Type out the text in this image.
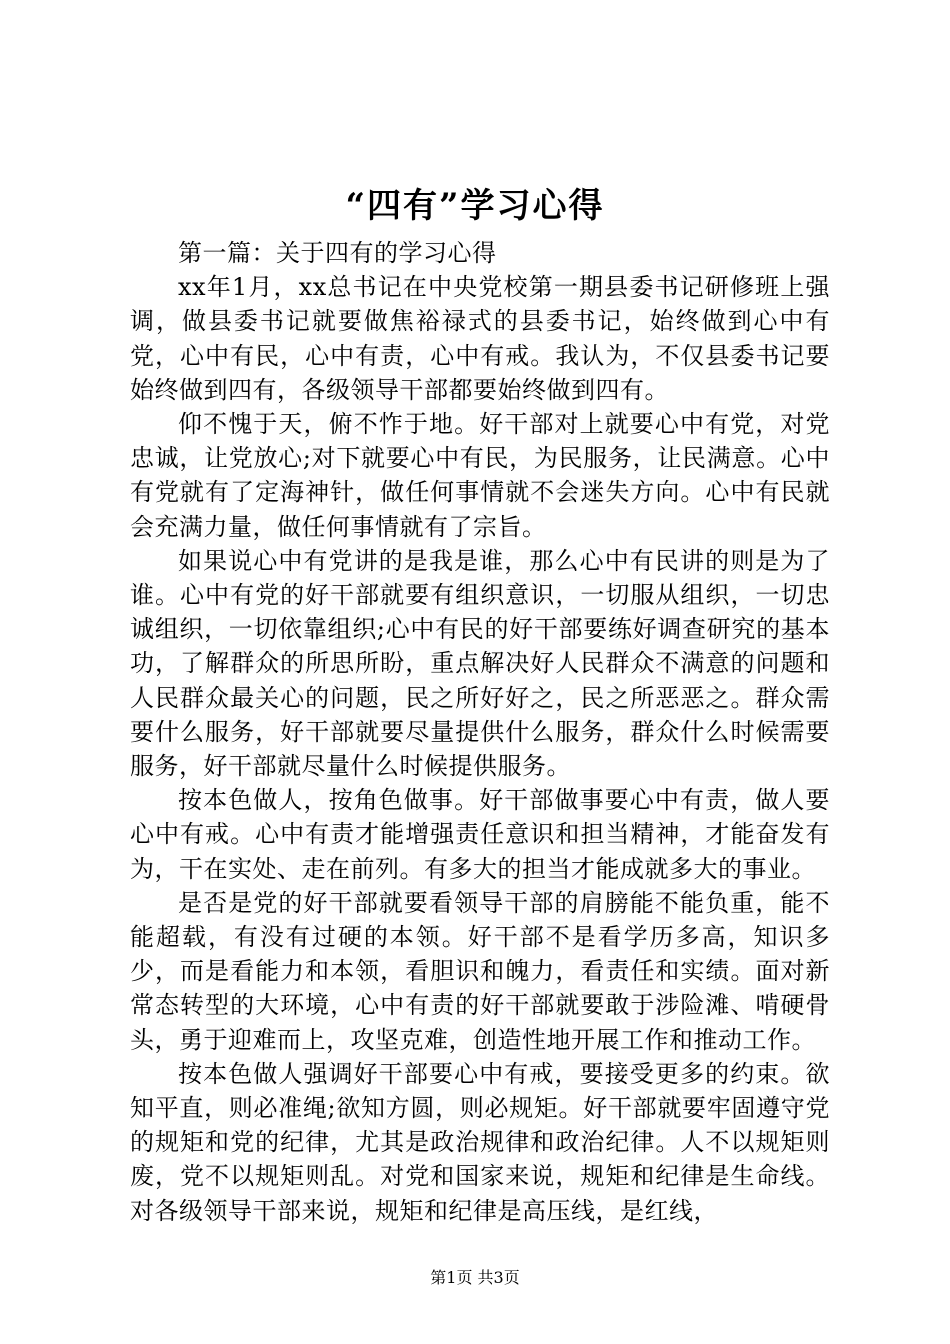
“四有”学习心得

第一篇：关于四有的学习心得

xx年1月，xx总书记在中央党校第一期县委书记研修班上强调，做县委书记就要做焦裕禄式的县委书记，始终做到心中有党，心中有民，心中有责，心中有戒。我认为，不仅县委书记要始终做到四有，各级领导干部都要始终做到四有。

仰不愧于天，俯不怍于地。好干部对上就要心中有党，对党忠诚，让党放心;对下就要心中有民，为民服务，让民满意。心中有党就有了定海神针，做任何事情就不会迷失方向。心中有民就会充满力量，做任何事情就有了宗旨。

如果说心中有党讲的是我是谁，那么心中有民讲的则是为了谁。心中有党的好干部就要有组织意识，一切服从组织，一切忠诚组织，一切依靠组织;心中有民的好干部要练好调查研究的基本功，了解群众的所思所盼，重点解决好人民群众不满意的问题和人民群众最关心的问题，民之所好好之，民之所恶恶之。群众需要什么服务，好干部就要尽量提供什么服务，群众什么时候需要服务，好干部就尽量什么时候提供服务。

按本色做人，按角色做事。好干部做事要心中有责，做人要心中有戒。心中有责才能增强责任意识和担当精神，才能奋发有为，干在实处、走在前列。有多大的担当才能成就多大的事业。

是否是党的好干部就要看领导干部的肩膀能不能负重，能不能超载，有没有过硬的本领。好干部不是看学历多高，知识多少，而是看能力和本领，看胆识和魄力，看责任和实绩。面对新常态转型的大环境，心中有责的好干部就要敢于涉险滩、啃硬骨头，勇于迎难而上，攻坚克难，创造性地开展工作和推动工作。

按本色做人强调好干部要心中有戒，要接受更多的约束。欲知平直，则必准绳;欲知方圆，则必规矩。好干部就要牢固遵守党的规矩和党的纪律，尤其是政治规律和政治纪律。人不以规矩则废，党不以规矩则乱。对党和国家来说，规矩和纪律是生命线。对各级领导干部来说，规矩和纪律是高压线，是红线，

第1页 共3页
